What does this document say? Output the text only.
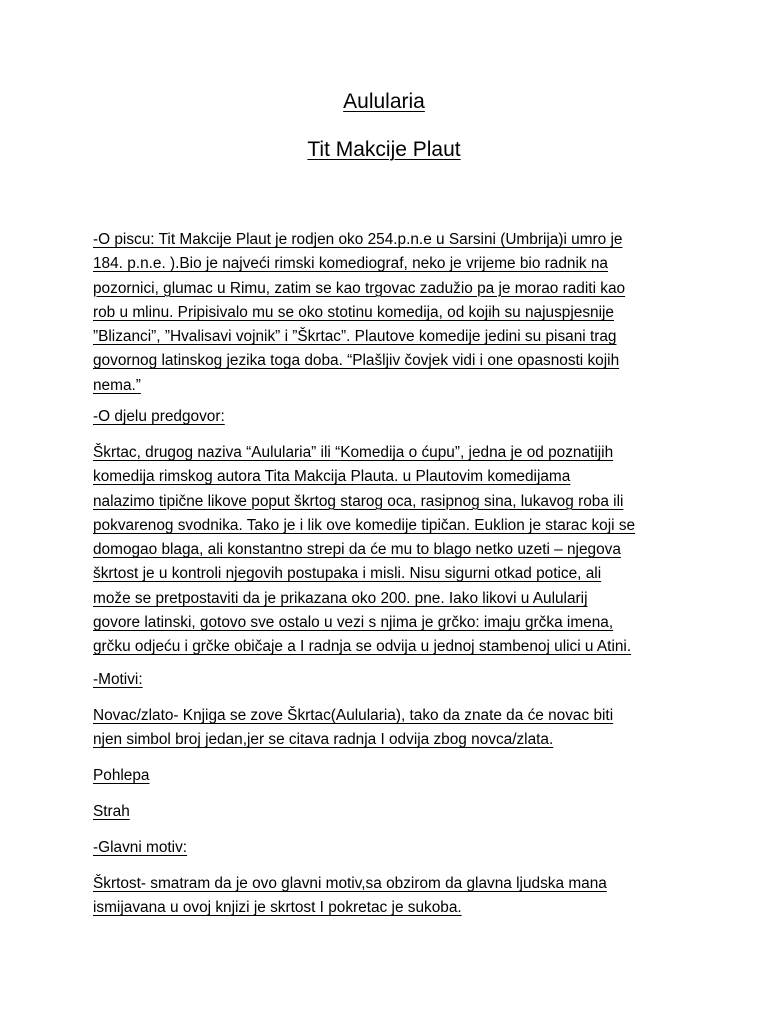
Aulularia
Tit Makcije Plaut
-O piscu: Tit Makcije Plaut je rodjen oko 254.p.n.e u Sarsini (Umbrija)i umro je
184. p.n.e. ).Bio je najveći rimski komediograf, neko je vrijeme bio radnik na
pozornici, glumac u Rimu, zatim se kao trgovac zadužio pa je morao raditi kao
rob u mlinu. Pripisivalo mu se oko stotinu komedija, od kojih su najuspjesnije
”Blizanci”, ”Hvalisavi vojnik” i ”Škrtac”. Plautove komedije jedini su pisani trag
govornog latinskog jezika toga doba. “Plašljiv čovjek vidi i one opasnosti kojih
nema.”
-O djelu predgovor:
Škrtac, drugog naziva “Aulularia” ili “Komedija o ćupu”, jedna je od poznatijih
komedija rimskog autora Tita Makcija Plauta. u Plautovim komedijama
nalazimo tipične likove poput škrtog starog oca, rasipnog sina, lukavog roba ili
pokvarenog svodnika. Tako je i lik ove komedije tipičan. Euklion je starac koji se
domogao blaga, ali konstantno strepi da će mu to blago netko uzeti – njegova
škrtost je u kontroli njegovih postupaka i misli. Nisu sigurni otkad potice, ali
može se pretpostaviti da je prikazana oko 200. pne. Iako likovi u Aulularij
govore latinski, gotovo sve ostalo u vezi s njima je grčko: imaju grčka imena,
grčku odjeću i grčke običaje a I radnja se odvija u jednoj stambenoj ulici u Atini.
-Motivi:
Novac/zlato- Knjiga se zove Škrtac(Aulularia), tako da znate da će novac biti
njen simbol broj jedan,jer se citava radnja I odvija zbog novca/zlata.
Pohlepa
Strah
-Glavni motiv:
Škrtost- smatram da je ovo glavni motiv,sa obzirom da glavna ljudska mana
ismijavana u ovoj knjizi je skrtost I pokretac je sukoba.
